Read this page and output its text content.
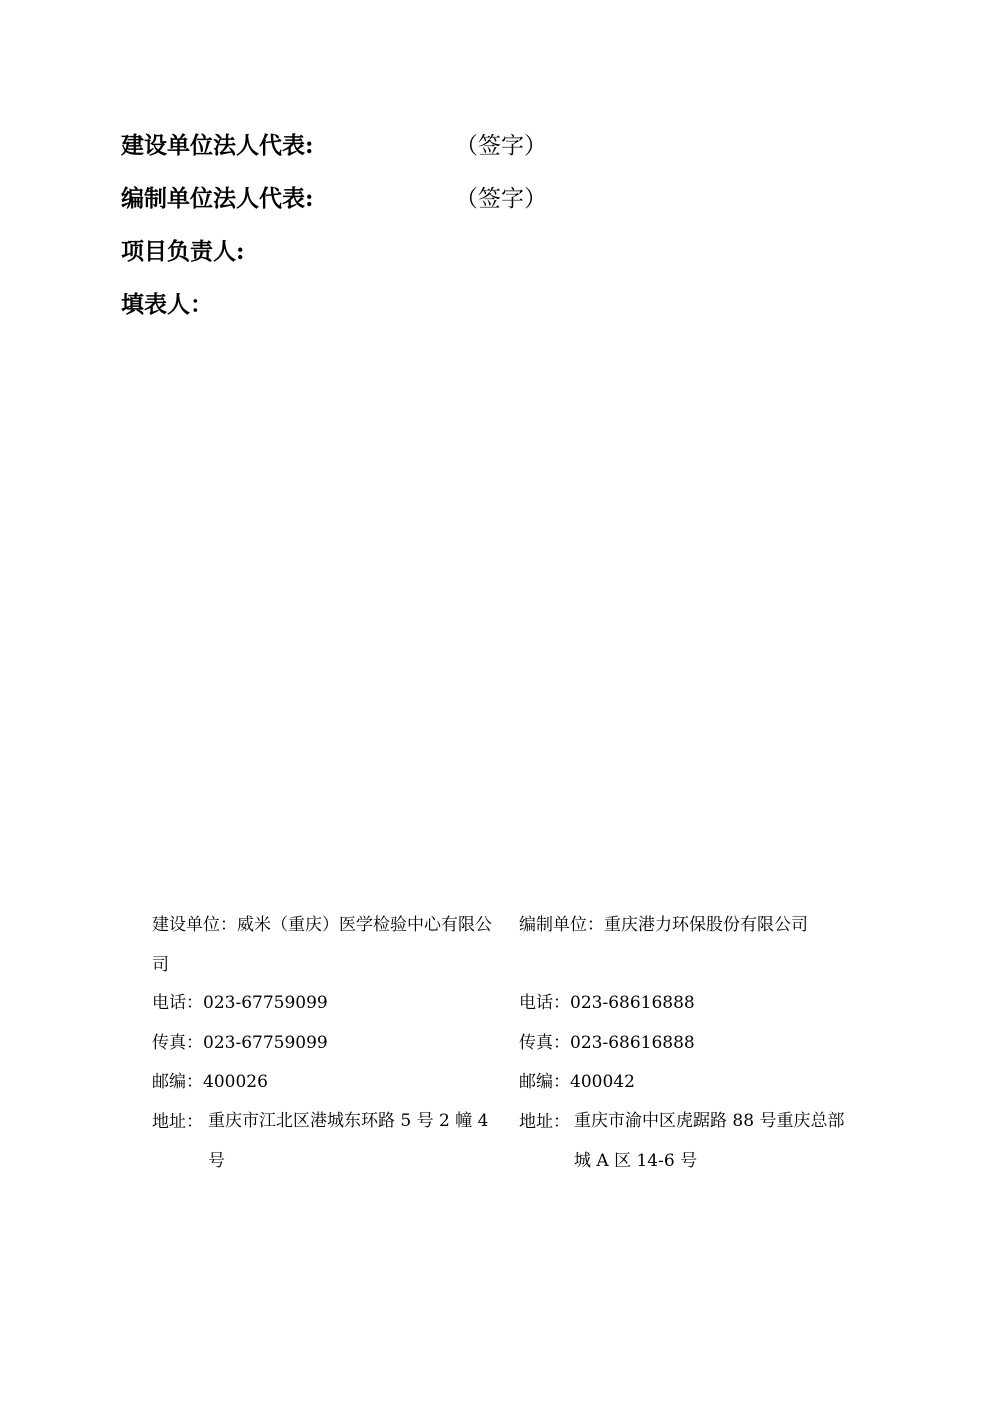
建设单位法人代表:	（签字）
编制单位法人代表:	（签字）
项目负责人:
填表人：
建设单位：威米（重庆）医学检验中心有限公司
电话：023-67759099
传真：023-67759099
邮编：400026
地址： 重庆市江北区港城东环路 5 号 2 幢 4 号
编制单位：重庆港力环保股份有限公司
电话：023-68616888
传真：023-68616888
邮编：400042
地址： 重庆市渝中区虎踞路 88 号重庆总部城 A 区 14-6 号
